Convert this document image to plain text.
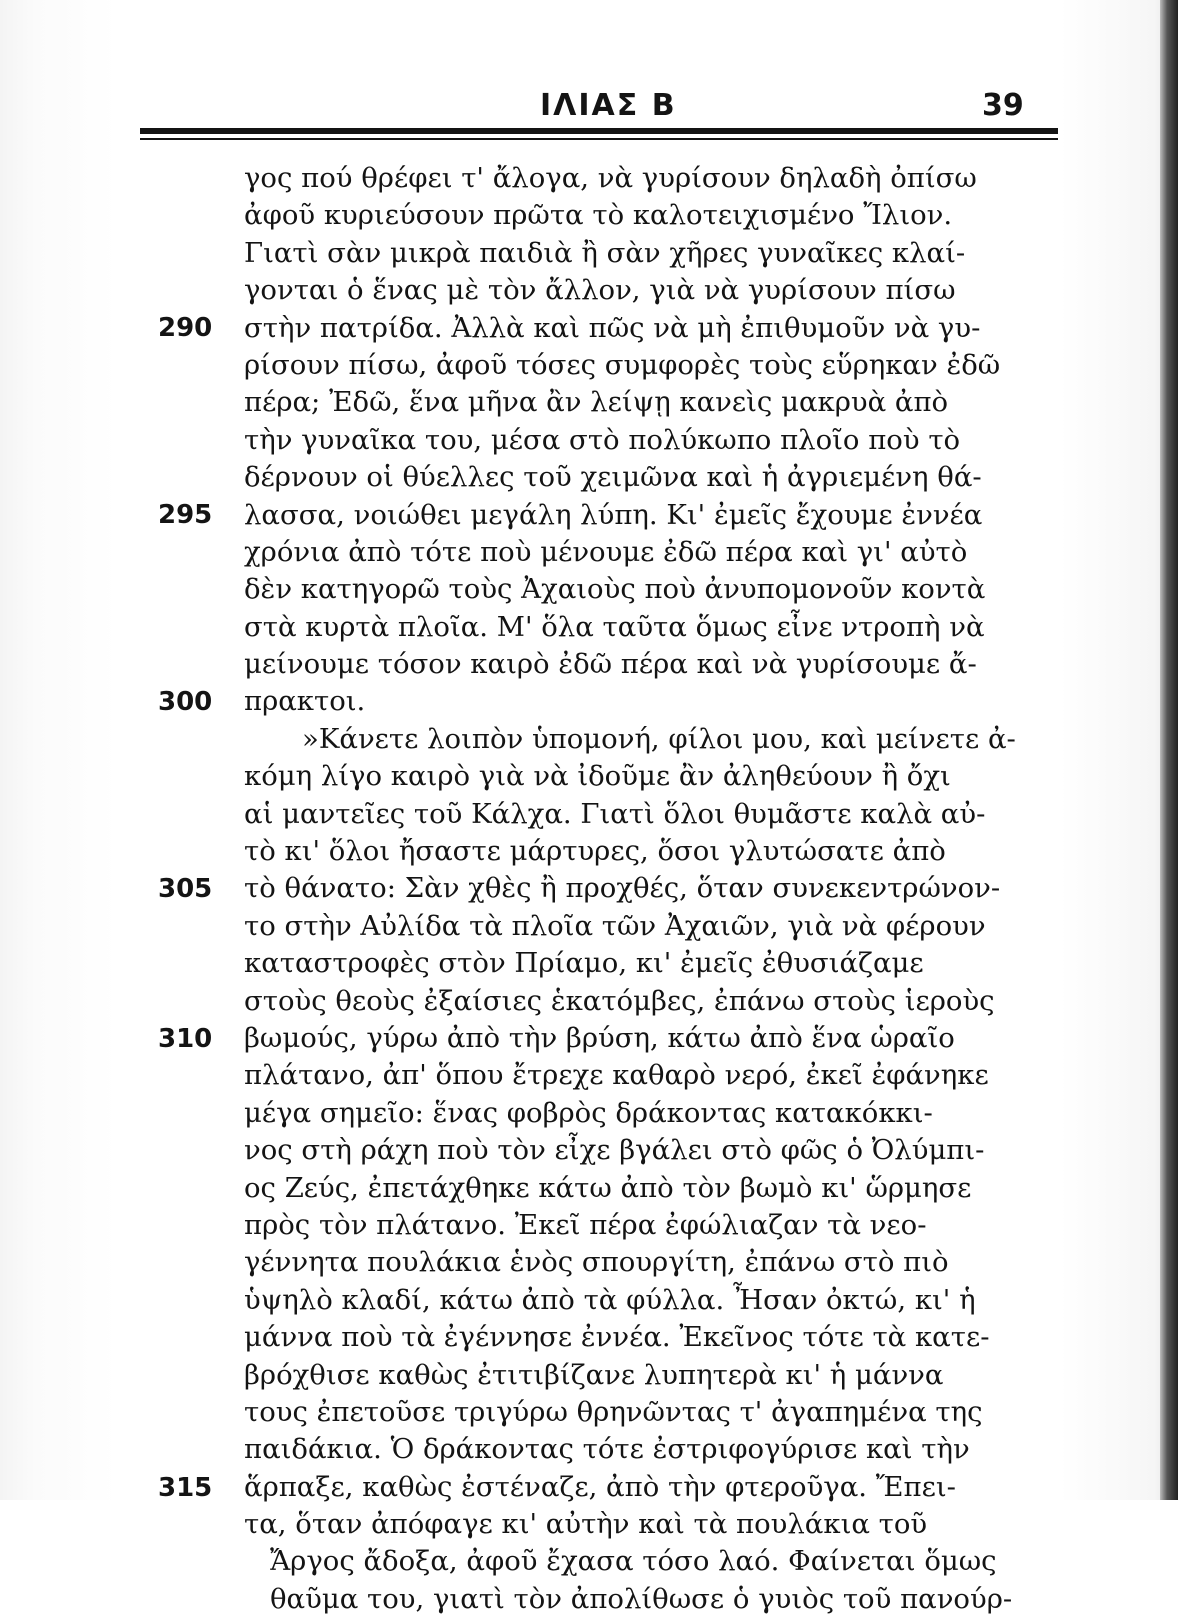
ΙΛΙΑΣ Β	39
290
295
300
305
310
315
γος πού θρέφει τ' ἄλογα, νὰ γυρίσουν δηλαδὴ ὀπίσω
ἀφοῦ κυριεύσουν πρῶτα τὸ καλοτειχισμένο Ἴλιον.
Γιατὶ σὰν μικρὰ παιδιὰ ἢ σὰν χῆρες γυναῖκες κλαί-
γονται ὁ ἕνας μὲ τὸν ἄλλον, γιὰ νὰ γυρίσουν πίσω
στὴν πατρίδα. Ἀλλὰ καὶ πῶς νὰ μὴ ἐπιθυμοῦν νὰ γυ-
ρίσουν πίσω, ἀφοῦ τόσες συμφορὲς τοὺς εὕρηκαν ἐδῶ
πέρα; Ἐδῶ, ἕνα μῆνα ἂν λείψῃ κανεὶς μακρυὰ ἀπὸ
τὴν γυναῖκα του, μέσα στὸ πολύκωπο πλοῖο ποὺ τὸ
δέρνουν οἱ θύελλες τοῦ χειμῶνα καὶ ἡ ἀγριεμένη θά-
λασσα, νοιώθει μεγάλη λύπη. Κι' ἐμεῖς ἔχουμε ἐννέα
χρόνια ἀπὸ τότε ποὺ μένουμε ἐδῶ πέρα καὶ γι' αὐτὸ
δὲν κατηγορῶ τοὺς Ἀχαιοὺς ποὺ ἀνυπομονοῦν κοντὰ
στὰ κυρτὰ πλοῖα. Μ' ὅλα ταῦτα ὅμως εἶνε ντροπὴ νὰ
μείνουμε τόσον καιρὸ ἐδῶ πέρα καὶ νὰ γυρίσουμε ἄ-
πρακτοι.
»Κάνετε λοιπὸν ὑπομονή, φίλοι μου, καὶ μείνετε ἀ-
κόμη λίγο καιρὸ γιὰ νὰ ἰδοῦμε ἂν ἀληθεύουν ἢ ὄχι
αἱ μαντεῖες τοῦ Κάλχα. Γιατὶ ὅλοι θυμᾶστε καλὰ αὐ-
τὸ κι' ὅλοι ἤσαστε μάρτυρες, ὅσοι γλυτώσατε ἀπὸ
τὸ θάνατο: Σὰν χθὲς ἢ προχθές, ὅταν συνεκεντρώνον-
το στὴν Αὐλίδα τὰ πλοῖα τῶν Ἀχαιῶν, γιὰ νὰ φέρουν
καταστροφὲς στὸν Πρίαμο, κι' ἐμεῖς ἐθυσιάζαμε
στοὺς θεοὺς ἐξαίσιες ἑκατόμβες, ἐπάνω στοὺς ἱεροὺς
βωμούς, γύρω ἀπὸ τὴν βρύση, κάτω ἀπὸ ἕνα ὡραῖο
πλάτανο, ἀπ' ὅπου ἔτρεχε καθαρὸ νερό, ἐκεῖ ἐφάνηκε
μέγα σημεῖο: ἕνας φοβρὸς δράκοντας κατακόκκι-
νος στὴ ράχη ποὺ τὸν εἶχε βγάλει στὸ φῶς ὁ Ὀλύμπι-
ος Ζεύς, ἐπετάχθηκε κάτω ἀπὸ τὸν βωμὸ κι' ὥρμησε
πρὸς τὸν πλάτανο. Ἐκεῖ πέρα ἐφώλιαζαν τὰ νεο-
γέννητα πουλάκια ἑνὸς σπουργίτη, ἐπάνω στὸ πιὸ
ὑψηλὸ κλαδί, κάτω ἀπὸ τὰ φύλλα. Ἦσαν ὀκτώ, κι' ἡ
μάννα ποὺ τὰ ἐγέννησε ἐννέα. Ἐκεῖνος τότε τὰ κατε-
βρόχθισε καθὼς ἐτιτιβίζανε λυπητερὰ κι' ἡ μάννα
τους ἐπετοῦσε τριγύρω θρηνῶντας τ' ἀγαπημένα της
παιδάκια. Ὁ δράκοντας τότε ἐστριφογύρισε καὶ τὴν
ἅρπαξε, καθὼς ἐστέναζε, ἀπὸ τὴν φτεροῦγα. Ἔπει-
τα, ὅταν ἀπόφαγε κι' αὐτὴν καὶ τὰ πουλάκια τοῦ
Ἄργος ἄδοξα, ἀφοῦ ἔχασα τόσο λαό. Φαίνεται ὅμως
θαῦμα του, γιατὶ τὸν ἀπολίθωσε ὁ γυιὸς τοῦ πανούρ-
